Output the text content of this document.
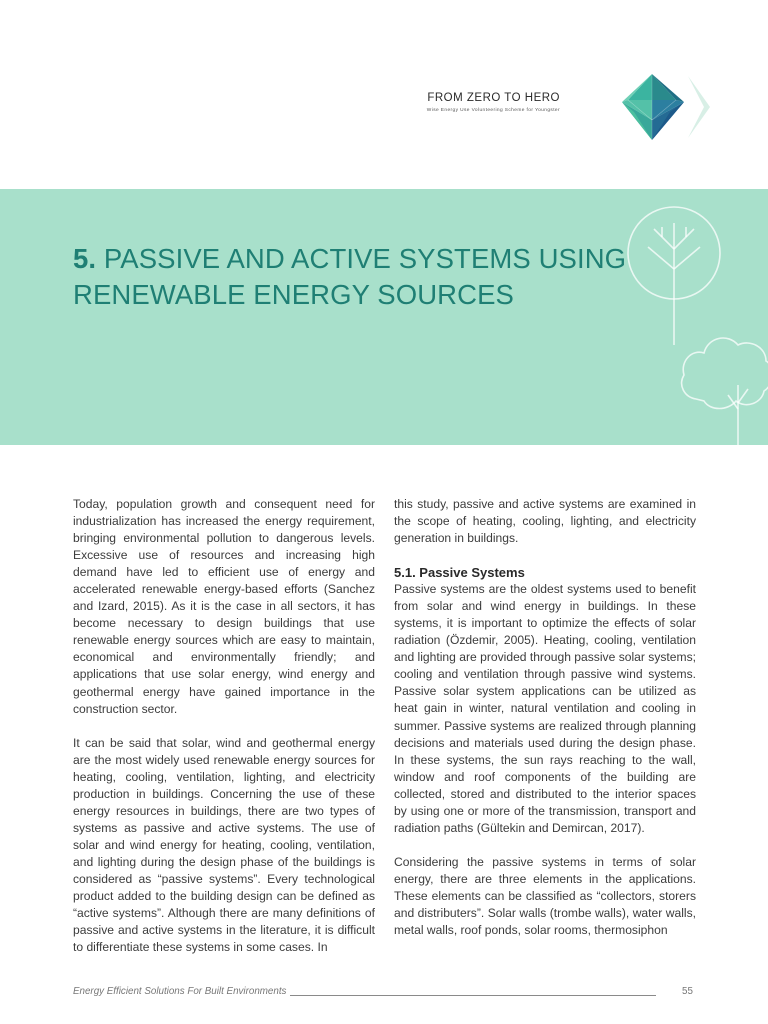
FROM ZERO TO HERO
Wise Energy Use Volunteering Scheme for Youngster
5. PASSIVE AND ACTIVE SYSTEMS USING
RENEWABLE ENERGY SOURCES

Today, population growth and consequent need for industrialization has increased the energy requirement, bringing environmental pollution to dangerous levels. Excessive use of resources and increasing high demand have led to efficient use of energy and accelerated renewable energy-based efforts (Sanchez and Izard, 2015). As it is the case in all sectors, it has become necessary to design buildings that use renewable energy sources which are easy to maintain, economical and environmentally friendly; and applications that use solar energy, wind energy and geothermal energy have gained importance in the construction sector.

It can be said that solar, wind and geothermal energy are the most widely used renewable energy sources for heating, cooling, ventilation, lighting, and electricity production in buildings. Concerning the use of these energy resources in buildings, there are two types of systems as passive and active systems. The use of solar and wind energy for heating, cooling, ventilation, and lighting during the design phase of the buildings is considered as “passive systems”. Every technological product added to the building design can be defined as “active systems”. Although there are many definitions of passive and active systems in the literature, it is difficult to differentiate these systems in some cases. In

this study, passive and active systems are examined in the scope of heating, cooling, lighting, and electricity generation in buildings.

5.1. Passive Systems

Passive systems are the oldest systems used to benefit from solar and wind energy in buildings. In these systems, it is important to optimize the effects of solar radiation (Özdemir, 2005). Heating, cooling, ventilation and lighting are provided through passive solar systems; cooling and ventilation through passive wind systems. Passive solar system applications can be utilized as heat gain in winter, natural ventilation and cooling in summer. Passive systems are realized through planning decisions and materials used during the design phase. In these systems, the sun rays reaching to the wall, window and roof components of the building are collected, stored and distributed to the interior spaces by using one or more of the transmission, transport and radiation paths (Gültekin and Demircan, 2017).

Considering the passive systems in terms of solar energy, there are three elements in the applications. These elements can be classified as “collectors, storers and distributers”. Solar walls (trombe walls), water walls, metal walls, roof ponds, solar rooms, thermosiphon

Energy Efficient Solutions For Built Environments	55
